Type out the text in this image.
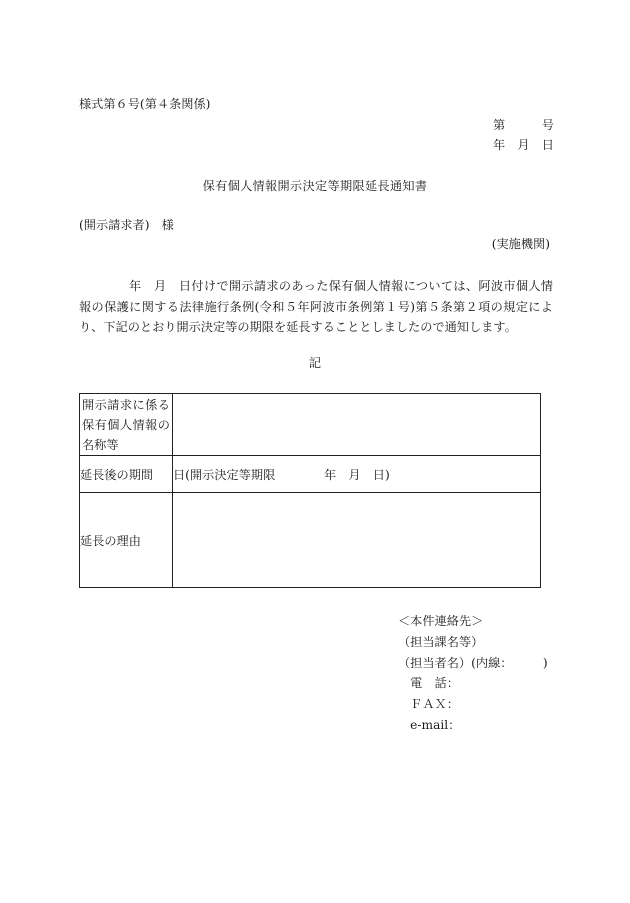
様式第６号(第４条関係)
第　　　号
年　月　日
保有個人情報開示決定等期限延長通知書
(開示請求者)　様
(実施機関)
　　　　年　月　日付けで開示請求のあった保有個人情報については、阿波市個人情報の保護に関する法律施行条例(令和５年阿波市条例第１号)第５条第２項の規定により、下記のとおり開示決定等の期限を延長することとしましたので通知します。
記
開示請求に係る
保有個人情報の
名称等	

延長後の期間	日(開示決定等期限　　　　年　月　日)
延長の理由	
＜本件連絡先＞
（担当課名等）
（担当者名）(内線：　　　)
　電　話：
　ＦＡＸ：
　e-mail：
